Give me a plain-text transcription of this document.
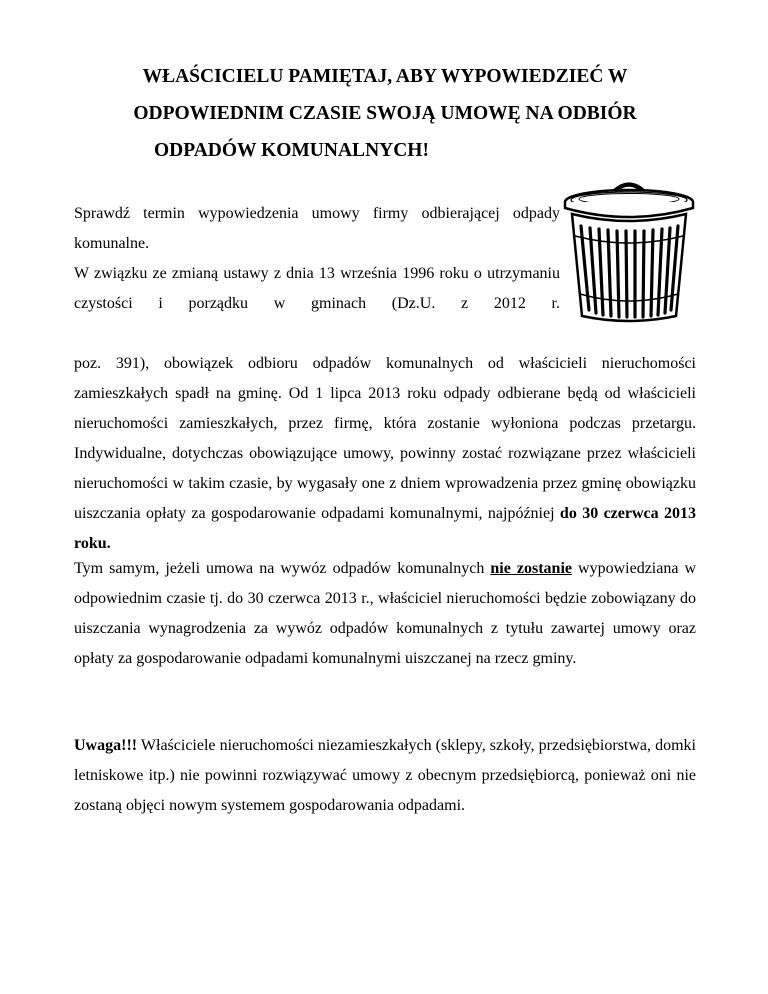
WŁAŚCICIELU PAMIĘTAJ, ABY WYPOWIEDZIEĆ W
ODPOWIEDNIM CZASIE SWOJĄ UMOWĘ NA ODBIÓR
ODPADÓW KOMUNALNYCH!

Sprawdź termin wypowiedzenia umowy firmy odbierającej odpady komunalne.

W związku ze zmianą ustawy z dnia 13 września 1996 roku o utrzymaniu czystości i porządku w gminach (Dz.U. z 2012 r.
poz. 391), obowiązek odbioru odpadów komunalnych od właścicieli nieruchomości zamieszkałych spadł na gminę. Od 1 lipca 2013 roku odpady odbierane będą od właścicieli nieruchomości zamieszkałych, przez firmę, która zostanie wyłoniona podczas przetargu. Indywidualne, dotychczas obowiązujące umowy, powinny zostać rozwiązane przez właścicieli nieruchomości w takim czasie, by wygasały one z dniem wprowadzenia przez gminę obowiązku uiszczania opłaty za gospodarowanie odpadami komunalnymi, najpóźniej do 30 czerwca 2013 roku.

Tym samym, jeżeli umowa na wywóz odpadów komunalnych nie zostanie wypowiedziana w odpowiednim czasie tj. do 30 czerwca 2013 r., właściciel nieruchomości będzie zobowiązany do uiszczania wynagrodzenia za wywóz odpadów komunalnych z tytułu zawartej umowy oraz opłaty za gospodarowanie odpadami komunalnymi uiszczanej na rzecz gminy.

Uwaga!!! Właściciele nieruchomości niezamieszkałych (sklepy, szkoły, przedsiębiorstwa, domki letniskowe itp.) nie powinni rozwiązywać umowy z obecnym przedsiębiorcą, ponieważ oni nie zostaną objęci nowym systemem gospodarowania odpadami.
